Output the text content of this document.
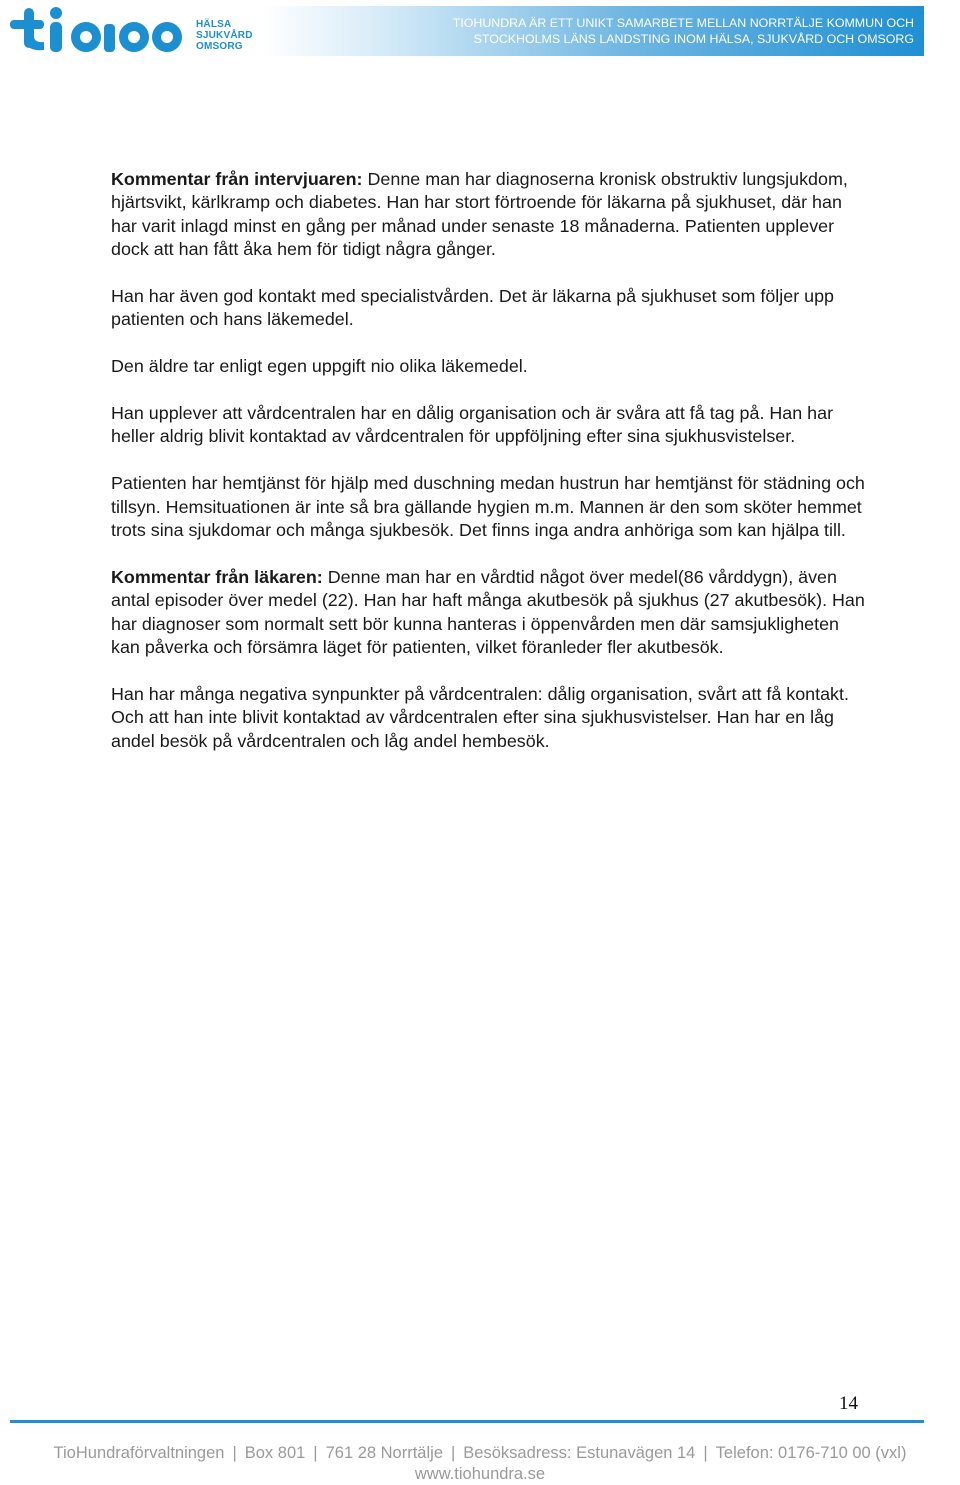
HÄLSA
SJUKVÅRD
OMSORG
TIOHUNDRA ÄR ETT UNIKT SAMARBETE MELLAN NORRTÄLJE KOMMUN OCH
STOCKHOLMS LÄNS LANDSTING INOM HÄLSA, SJUKVÅRD OCH OMSORG

Kommentar från intervjuaren: Denne man har diagnoserna kronisk obstruktiv lungsjukdom, hjärtsvikt, kärlkramp och diabetes. Han har stort förtroende för läkarna på sjukhuset, där han har varit inlagd minst en gång per månad under senaste 18 månaderna. Patienten upplever dock att han fått åka hem för tidigt några gånger.

Han har även god kontakt med specialistvården. Det är läkarna på sjukhuset som följer upp patienten och hans läkemedel.

Den äldre tar enligt egen uppgift nio olika läkemedel.

Han upplever att vårdcentralen har en dålig organisation och är svåra att få tag på. Han har heller aldrig blivit kontaktad av vårdcentralen för uppföljning efter sina sjukhusvistelser.

Patienten har hemtjänst för hjälp med duschning medan hustrun har hemtjänst för städning och tillsyn. Hemsituationen är inte så bra gällande hygien m.m. Mannen är den som sköter hemmet trots sina sjukdomar och många sjukbesök. Det finns inga andra anhöriga som kan hjälpa till.

Kommentar från läkaren: Denne man har en vårdtid något över medel(86 vårddygn), även antal episoder över medel (22). Han har haft många akutbesök på sjukhus (27 akutbesök). Han har diagnoser som normalt sett bör kunna hanteras i öppenvården men där samsjukligheten kan påverka och försämra läget för patienten, vilket föranleder fler akutbesök.

Han har många negativa synpunkter på vårdcentralen: dålig organisation, svårt att få kontakt. Och att han inte blivit kontaktad av vårdcentralen efter sina sjukhusvistelser. Han har en låg andel besök på vårdcentralen och låg andel hembesök.

14
TioHundraförvaltningen | Box 801 | 761 28 Norrtälje | Besöksadress: Estunavägen 14 | Telefon: 0176-710 00 (vxl)
www.tiohundra.se
